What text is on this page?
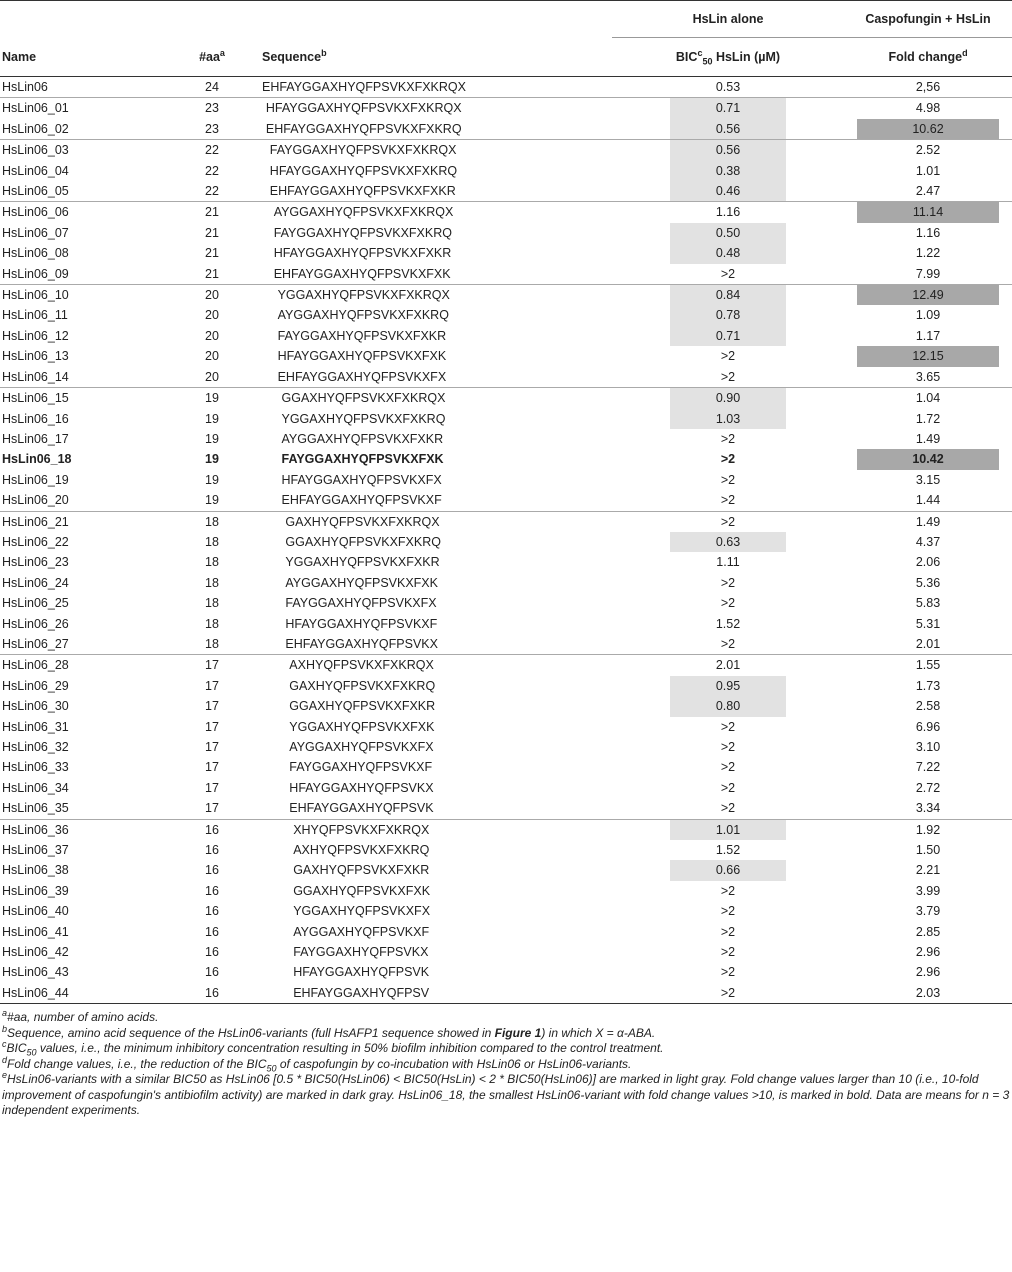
			HsLin alone	Caspofungin + HsLin
Name	$\#aa^a$	Sequence$^b$	$BIC^c_{50}$ HsLin (µM)	Fold change$^d$
HsLin06	24	EHFAYGGAXHYQFPSVKXFXKRQX	0.53	2,56
HsLin06_01	23	HFAYGGAXHYQFPSVKXFXKRQX	0.71	4.98
HsLin06_02	23	EHFAYGGAXHYQFPSVKXFXKRQ	0.56	10.62
HsLin06_03	22	FAYGGAXHYQFPSVKXFXKRQX	0.56	2.52
HsLin06_04	22	HFAYGGAXHYQFPSVKXFXKRQ	0.38	1.01
HsLin06_05	22	EHFAYGGAXHYQFPSVKXFXKR	0.46	2.47
HsLin06_06	21	AYGGAXHYQFPSVKXFXKRQX	1.16	11.14
HsLin06_07	21	FAYGGAXHYQFPSVKXFXKRQ	0.50	1.16
HsLin06_08	21	HFAYGGAXHYQFPSVKXFXKR	0.48	1.22
HsLin06_09	21	EHFAYGGAXHYQFPSVKXFXK	>2	7.99
HsLin06_10	20	YGGAXHYQFPSVKXFXKRQX	0.84	12.49
HsLin06_11	20	AYGGAXHYQFPSVKXFXKRQ	0.78	1.09
HsLin06_12	20	FAYGGAXHYQFPSVKXFXKR	0.71	1.17
HsLin06_13	20	HFAYGGAXHYQFPSVKXFXK	>2	12.15
HsLin06_14	20	EHFAYGGAXHYQFPSVKXFX	>2	3.65
HsLin06_15	19	GGAXHYQFPSVKXFXKRQX	0.90	1.04
HsLin06_16	19	YGGAXHYQFPSVKXFXKRQ	1.03	1.72
HsLin06_17	19	AYGGAXHYQFPSVKXFXKR	>2	1.49
HsLin06_18	19	FAYGGAXHYQFPSVKXFXK	>2	10.42
HsLin06_19	19	HFAYGGAXHYQFPSVKXFX	>2	3.15
HsLin06_20	19	EHFAYGGAXHYQFPSVKXF	>2	1.44
HsLin06_21	18	GAXHYQFPSVKXFXKRQX	>2	1.49
HsLin06_22	18	GGAXHYQFPSVKXFXKRQ	0.63	4.37
HsLin06_23	18	YGGAXHYQFPSVKXFXKR	1.11	2.06
HsLin06_24	18	AYGGAXHYQFPSVKXFXK	>2	5.36
HsLin06_25	18	FAYGGAXHYQFPSVKXFX	>2	5.83
HsLin06_26	18	HFAYGGAXHYQFPSVKXF	1.52	5.31
HsLin06_27	18	EHFAYGGAXHYQFPSVKX	>2	2.01
HsLin06_28	17	AXHYQFPSVKXFXKRQX	2.01	1.55
HsLin06_29	17	GAXHYQFPSVKXFXKRQ	0.95	1.73
HsLin06_30	17	GGAXHYQFPSVKXFXKR	0.80	2.58
HsLin06_31	17	YGGAXHYQFPSVKXFXK	>2	6.96
HsLin06_32	17	AYGGAXHYQFPSVKXFX	>2	3.10
HsLin06_33	17	FAYGGAXHYQFPSVKXF	>2	7.22
HsLin06_34	17	HFAYGGAXHYQFPSVKX	>2	2.72
HsLin06_35	17	EHFAYGGAXHYQFPSVK	>2	3.34
HsLin06_36	16	XHYQFPSVKXFXKRQX	1.01	1.92
HsLin06_37	16	AXHYQFPSVKXFXKRQ	1.52	1.50
HsLin06_38	16	GAXHYQFPSVKXFXKR	0.66	2.21
HsLin06_39	16	GGAXHYQFPSVKXFXK	>2	3.99
HsLin06_40	16	YGGAXHYQFPSVKXFX	>2	3.79
HsLin06_41	16	AYGGAXHYQFPSVKXF	>2	2.85
HsLin06_42	16	FAYGGAXHYQFPSVKX	>2	2.96
HsLin06_43	16	HFAYGGAXHYQFPSVK	>2	2.96
HsLin06_44	16	EHFAYGGAXHYQFPSV	>2	2.03
$^a$#aa, number of amino acids.
$^b$Sequence, amino acid sequence of the HsLin06-variants (full HsAFP1 sequence showed in Figure 1) in which X = α-ABA.
$^cBIC_{50}$ values, i.e., the minimum inhibitory concentration resulting in 50% biofilm inhibition compared to the control treatment.
$^d$Fold change values, i.e., the reduction of the $BIC_{50}$ of caspofungin by co-incubation with HsLin06 or HsLin06-variants.
$^e$HsLin06-variants with a similar BIC50 as HsLin06 [0.5 * BIC50(HsLin06) < BIC50(HsLin) < 2 * BIC50(HsLin06)] are marked in light gray. Fold change values larger than 10 (i.e., 10-fold improvement of caspofungin's antibiofilm activity) are marked in dark gray. HsLin06_18, the smallest HsLin06-variant with fold change values >10, is marked in bold. Data are means for n = 3 independent experiments.
